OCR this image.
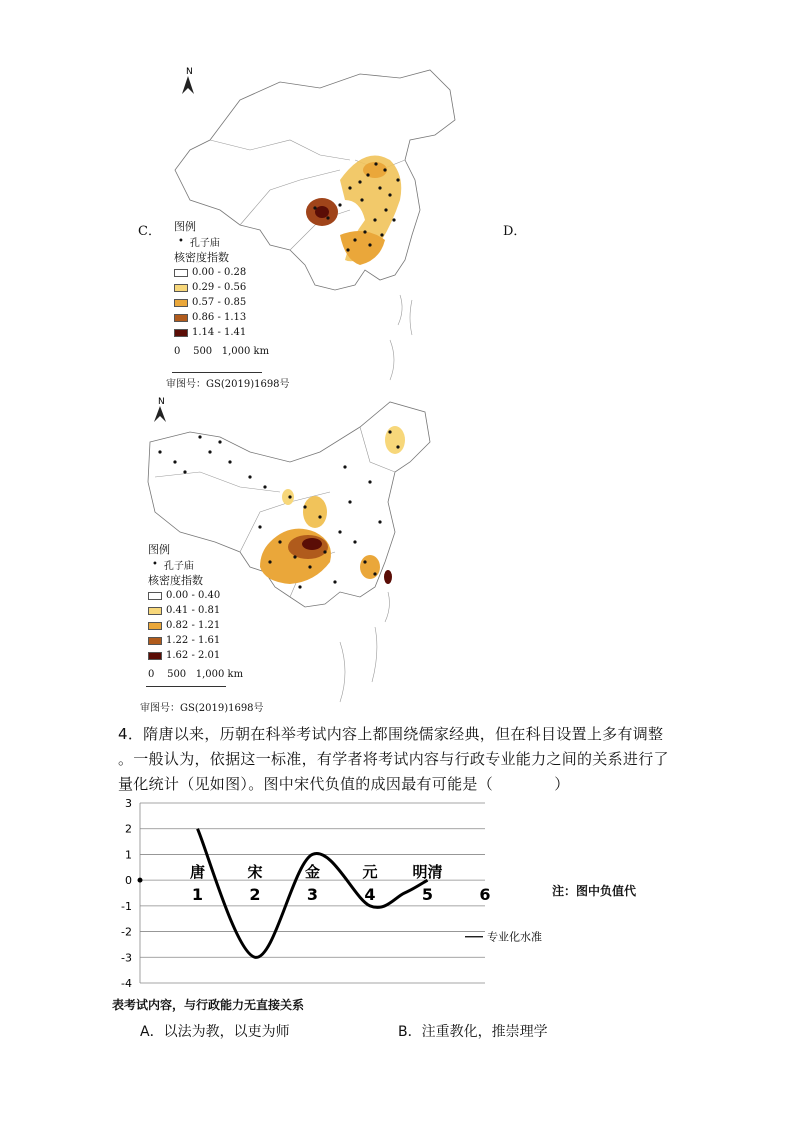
N
C．	D．
图例
• 孔子庙
核密度指数
0.00 - 0.28
0.29 - 0.56
0.57 - 0.85
0.86 - 1.13
1.14 - 1.41
0    500   1,000 km
审图号：GS(2019)1698号
N
图例
• 孔子庙
核密度指数
0.00 - 0.40
0.41 - 0.81
0.82 - 1.21
1.22 - 1.61
1.62 - 2.01
0    500   1,000 km
审图号：GS(2019)1698号
4．隋唐以来，历朝在科举考试内容上都围绕儒家经典，但在科目设置上多有调整
。一般认为，依据这一标准，有学者将考试内容与行政专业能力之间的关系进行了
量化统计（见如图）。图中宋代负值的成因最有可能是（　　　　）
3
2
1
0
-1
-2
-3
-4
1	2	3	4	5	6
唐	宋	金	元 明清
专业化水准
注：图中负值代
表考试内容，与行政能力无直接关系
A．以法为教，以吏为师	B．注重教化，推崇理学
